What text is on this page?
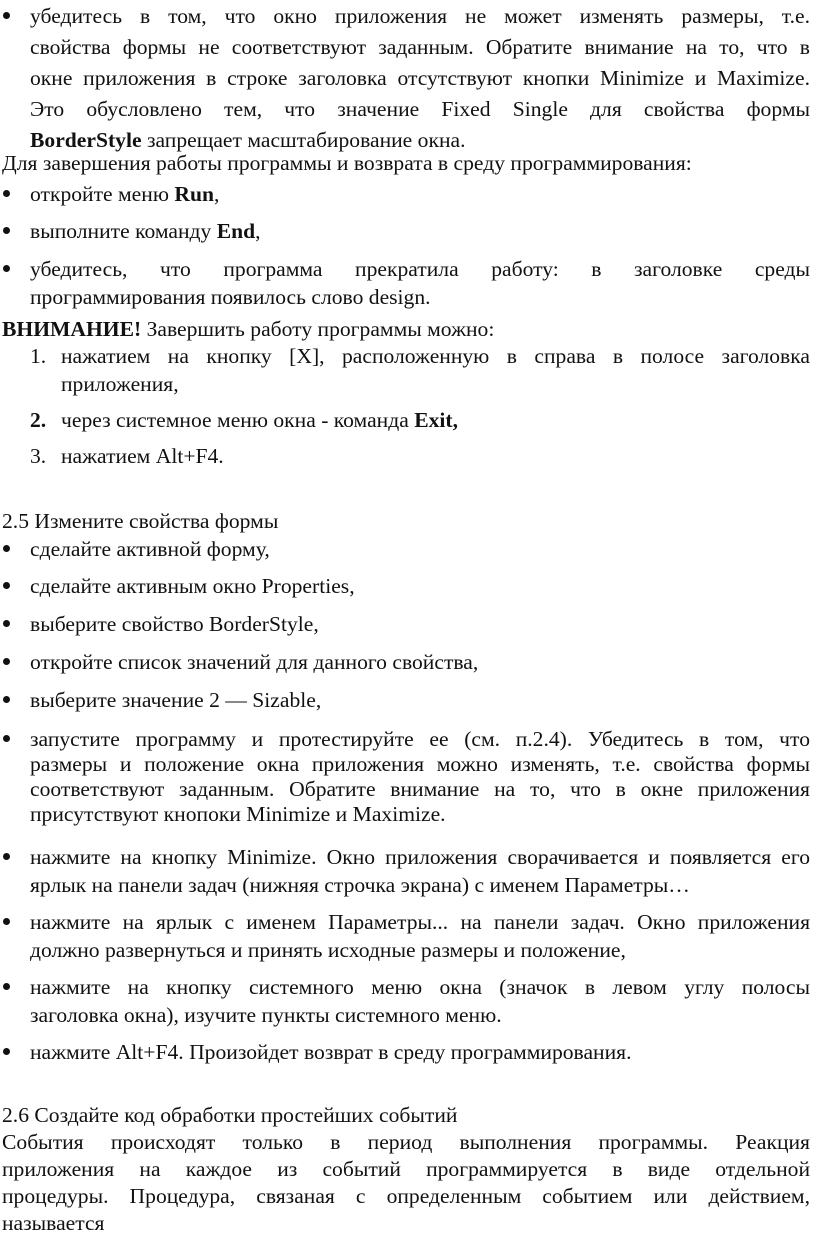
убедитесь в том, что окно приложения не может изменять размеры, т.е.
свойства формы не соответствуют заданным. Обратите внимание на то, что в
окне приложения в строке заголовка отсутствуют кнопки Minimize и Maximize.
Это обусловлено тем, что значение Fixed Single для свойства формы
BorderStyle запрещает масштабирование окна.
Для завершения работы программы и возврата в среду программирования:
откройте меню Run,
выполните команду End,
убедитесь, что программа прекратила работу: в заголовке среды
программирования появилось слово design.
ВНИМАНИЕ! Завершить работу программы можно:
1. нажатием на кнопку [X], расположенную в справа в полосе заголовка
приложения,
2. через системное меню окна - команда Exit,
3. нажатием Alt+F4.
2.5 Измените свойства формы
сделайте активной форму,
сделайте активным окно Properties,
выберите свойство BorderStyle,
откройте список значений для данного свойства,
выберите значение 2 — Sizable,
запустите программу и протестируйте ее (см. п.2.4). Убедитесь в том, что
размеры и положение окна приложения можно изменять, т.е. свойства формы
соответствуют заданным. Обратите внимание на то, что в окне приложения
присутствуют кнопоки Minimize и Maximize.
нажмите на кнопку Minimize. Окно приложения сворачивается и появляется его
ярлык на панели задач (нижняя строчка экрана) с именем Параметры…
нажмите на ярлык с именем Параметры... на панели задач. Окно приложения
должно развернуться и принять исходные размеры и положение,
нажмите на кнопку системного меню окна (значок в левом углу полосы
заголовка окна), изучите пункты системного меню.
нажмите Alt+F4. Произойдет возврат в среду программирования.
2.6 Создайте код обработки простейших событий
События происходят только в период выполнения программы. Реакция
приложения на каждое из событий программируется в виде отдельной
процедуры. Процедура, связаная с определенным событием или действием,
называется
